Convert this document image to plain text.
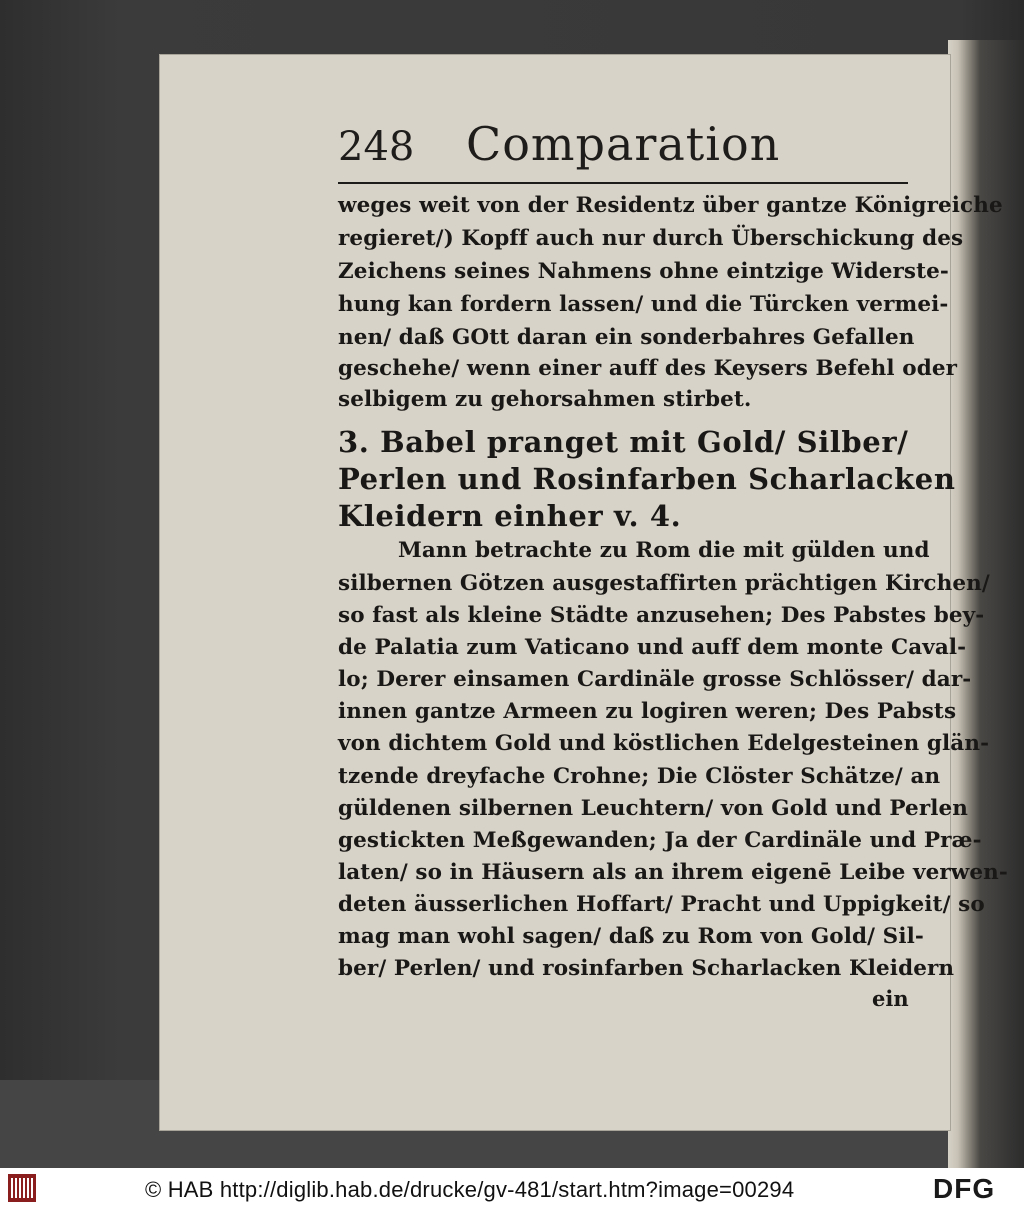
248 Comparation
weges weit von der Residentz über gantze Königreiche
regieret/) Kopff auch nur durch Überschickung des
Zeichens seines Nahmens ohne eintzige Widerste-
hung kan fordern lassen/ und die Türcken vermei-
nen/ daß GOtt daran ein sonderbahres Gefallen
geschehe/ wenn einer auff des Keysers Befehl oder
selbigem zu gehorsahmen stirbet.
3. Babel pranget mit Gold/ Silber/
Perlen und Rosinfarben Scharlacken
Kleidern einher v. 4.
Mann betrachte zu Rom die mit gülden und
silbernen Götzen ausgestaffirten prächtigen Kirchen/
so fast als kleine Städte anzusehen; Des Pabstes bey-
de Palatia zum Vaticano und auff dem monte Caval-
lo; Derer einsamen Cardinäle grosse Schlösser/ dar-
innen gantze Armeen zu logiren weren; Des Pabsts
von dichtem Gold und köstlichen Edelgesteinen glän-
tzende dreyfache Crohne; Die Clöster Schätze/ an
güldenen silbernen Leuchtern/ von Gold und Perlen
gestickten Meßgewanden; Ja der Cardinäle und Præ-
laten/ so in Häusern als an ihrem eigenē Leibe verwen-
deten äusserlichen Hoffart/ Pracht und Uppigkeit/ so
mag man wohl sagen/ daß zu Rom von Gold/ Sil-
ber/ Perlen/ und rosinfarben Scharlacken Kleidern
ein
© HAB http://diglib.hab.de/drucke/gv-481/start.htm?image=00294	DFG
